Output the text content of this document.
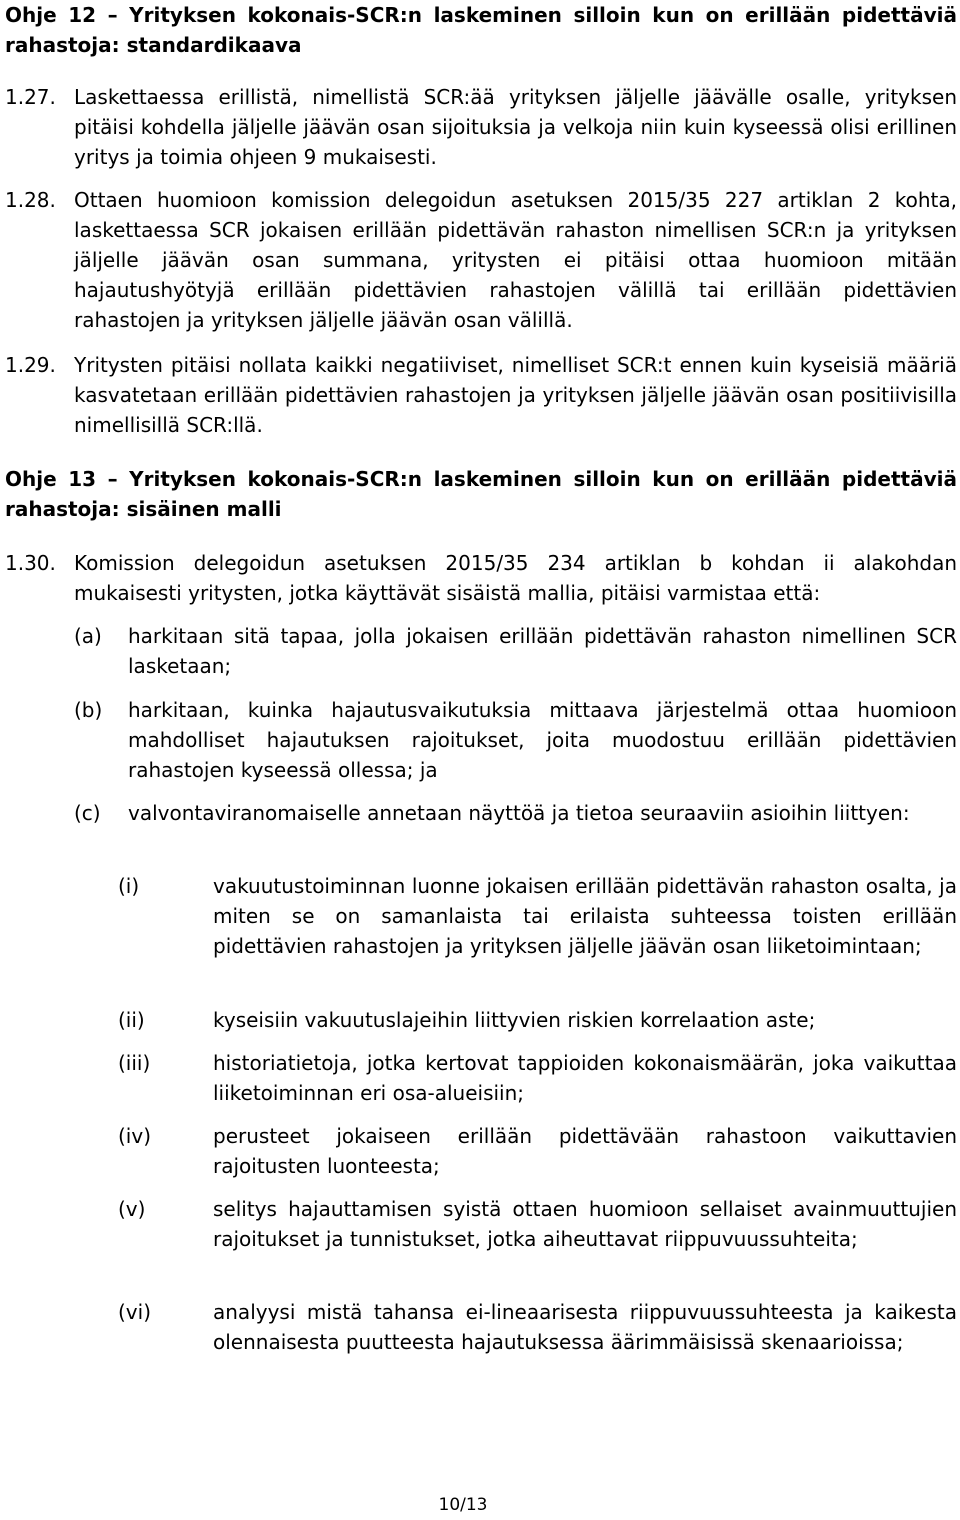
Ohje 12 – Yrityksen kokonais-SCR:n laskeminen silloin kun on erillään pidettäviä rahastoja: standardikaava

1.27. Laskettaessa erillistä, nimellistä SCR:ää yrityksen jäljelle jäävälle osalle, yrityksen pitäisi kohdella jäljelle jäävän osan sijoituksia ja velkoja niin kuin kyseessä olisi erillinen yritys ja toimia ohjeen 9 mukaisesti.
1.28. Ottaen huomioon komission delegoidun asetuksen 2015/35 227 artiklan 2 kohta, laskettaessa SCR jokaisen erillään pidettävän rahaston nimellisen SCR:n ja yrityksen jäljelle jäävän osan summana, yritysten ei pitäisi ottaa huomioon mitään hajautushyötyjä erillään pidettävien rahastojen välillä tai erillään pidettävien rahastojen ja yrityksen jäljelle jäävän osan välillä.
1.29. Yritysten pitäisi nollata kaikki negatiiviset, nimelliset SCR:t ennen kuin kyseisiä määriä kasvatetaan erillään pidettävien rahastojen ja yrityksen jäljelle jäävän osan positiivisilla nimellisillä SCR:llä.

Ohje 13 – Yrityksen kokonais-SCR:n laskeminen silloin kun on erillään pidettäviä rahastoja: sisäinen malli

1.30. Komission delegoidun asetuksen 2015/35 234 artiklan b kohdan ii alakohdan mukaisesti yritysten, jotka käyttävät sisäistä mallia, pitäisi varmistaa että:
(a) harkitaan sitä tapaa, jolla jokaisen erillään pidettävän rahaston nimellinen SCR lasketaan;
(b) harkitaan, kuinka hajautusvaikutuksia mittaava järjestelmä ottaa huomioon mahdolliset hajautuksen rajoitukset, joita muodostuu erillään pidettävien rahastojen kyseessä ollessa; ja
(c) valvontaviranomaiselle annetaan näyttöä ja tietoa seuraaviin asioihin liittyen:
(i)	vakuutustoiminnan luonne jokaisen erillään pidettävän rahaston osalta, ja miten se on samanlaista tai erilaista suhteessa toisten erillään pidettävien rahastojen ja yrityksen jäljelle jäävän osan liiketoimintaan;
(ii)	kyseisiin vakuutuslajeihin liittyvien riskien korrelaation aste;
(iii)	historiatietoja, jotka kertovat tappioiden kokonaismäärän, joka vaikuttaa liiketoiminnan eri osa-alueisiin;
(iv)	perusteet jokaiseen erillään pidettävään rahastoon vaikuttavien rajoitusten luonteesta;
(v)	selitys hajauttamisen syistä ottaen huomioon sellaiset avainmuuttujien rajoitukset ja tunnistukset, jotka aiheuttavat riippuvuussuhteita;
(vi)	analyysi mistä tahansa ei-lineaarisesta riippuvuussuhteesta ja kaikesta olennaisesta puutteesta hajautuksessa äärimmäisissä skenaarioissa;
10/13
